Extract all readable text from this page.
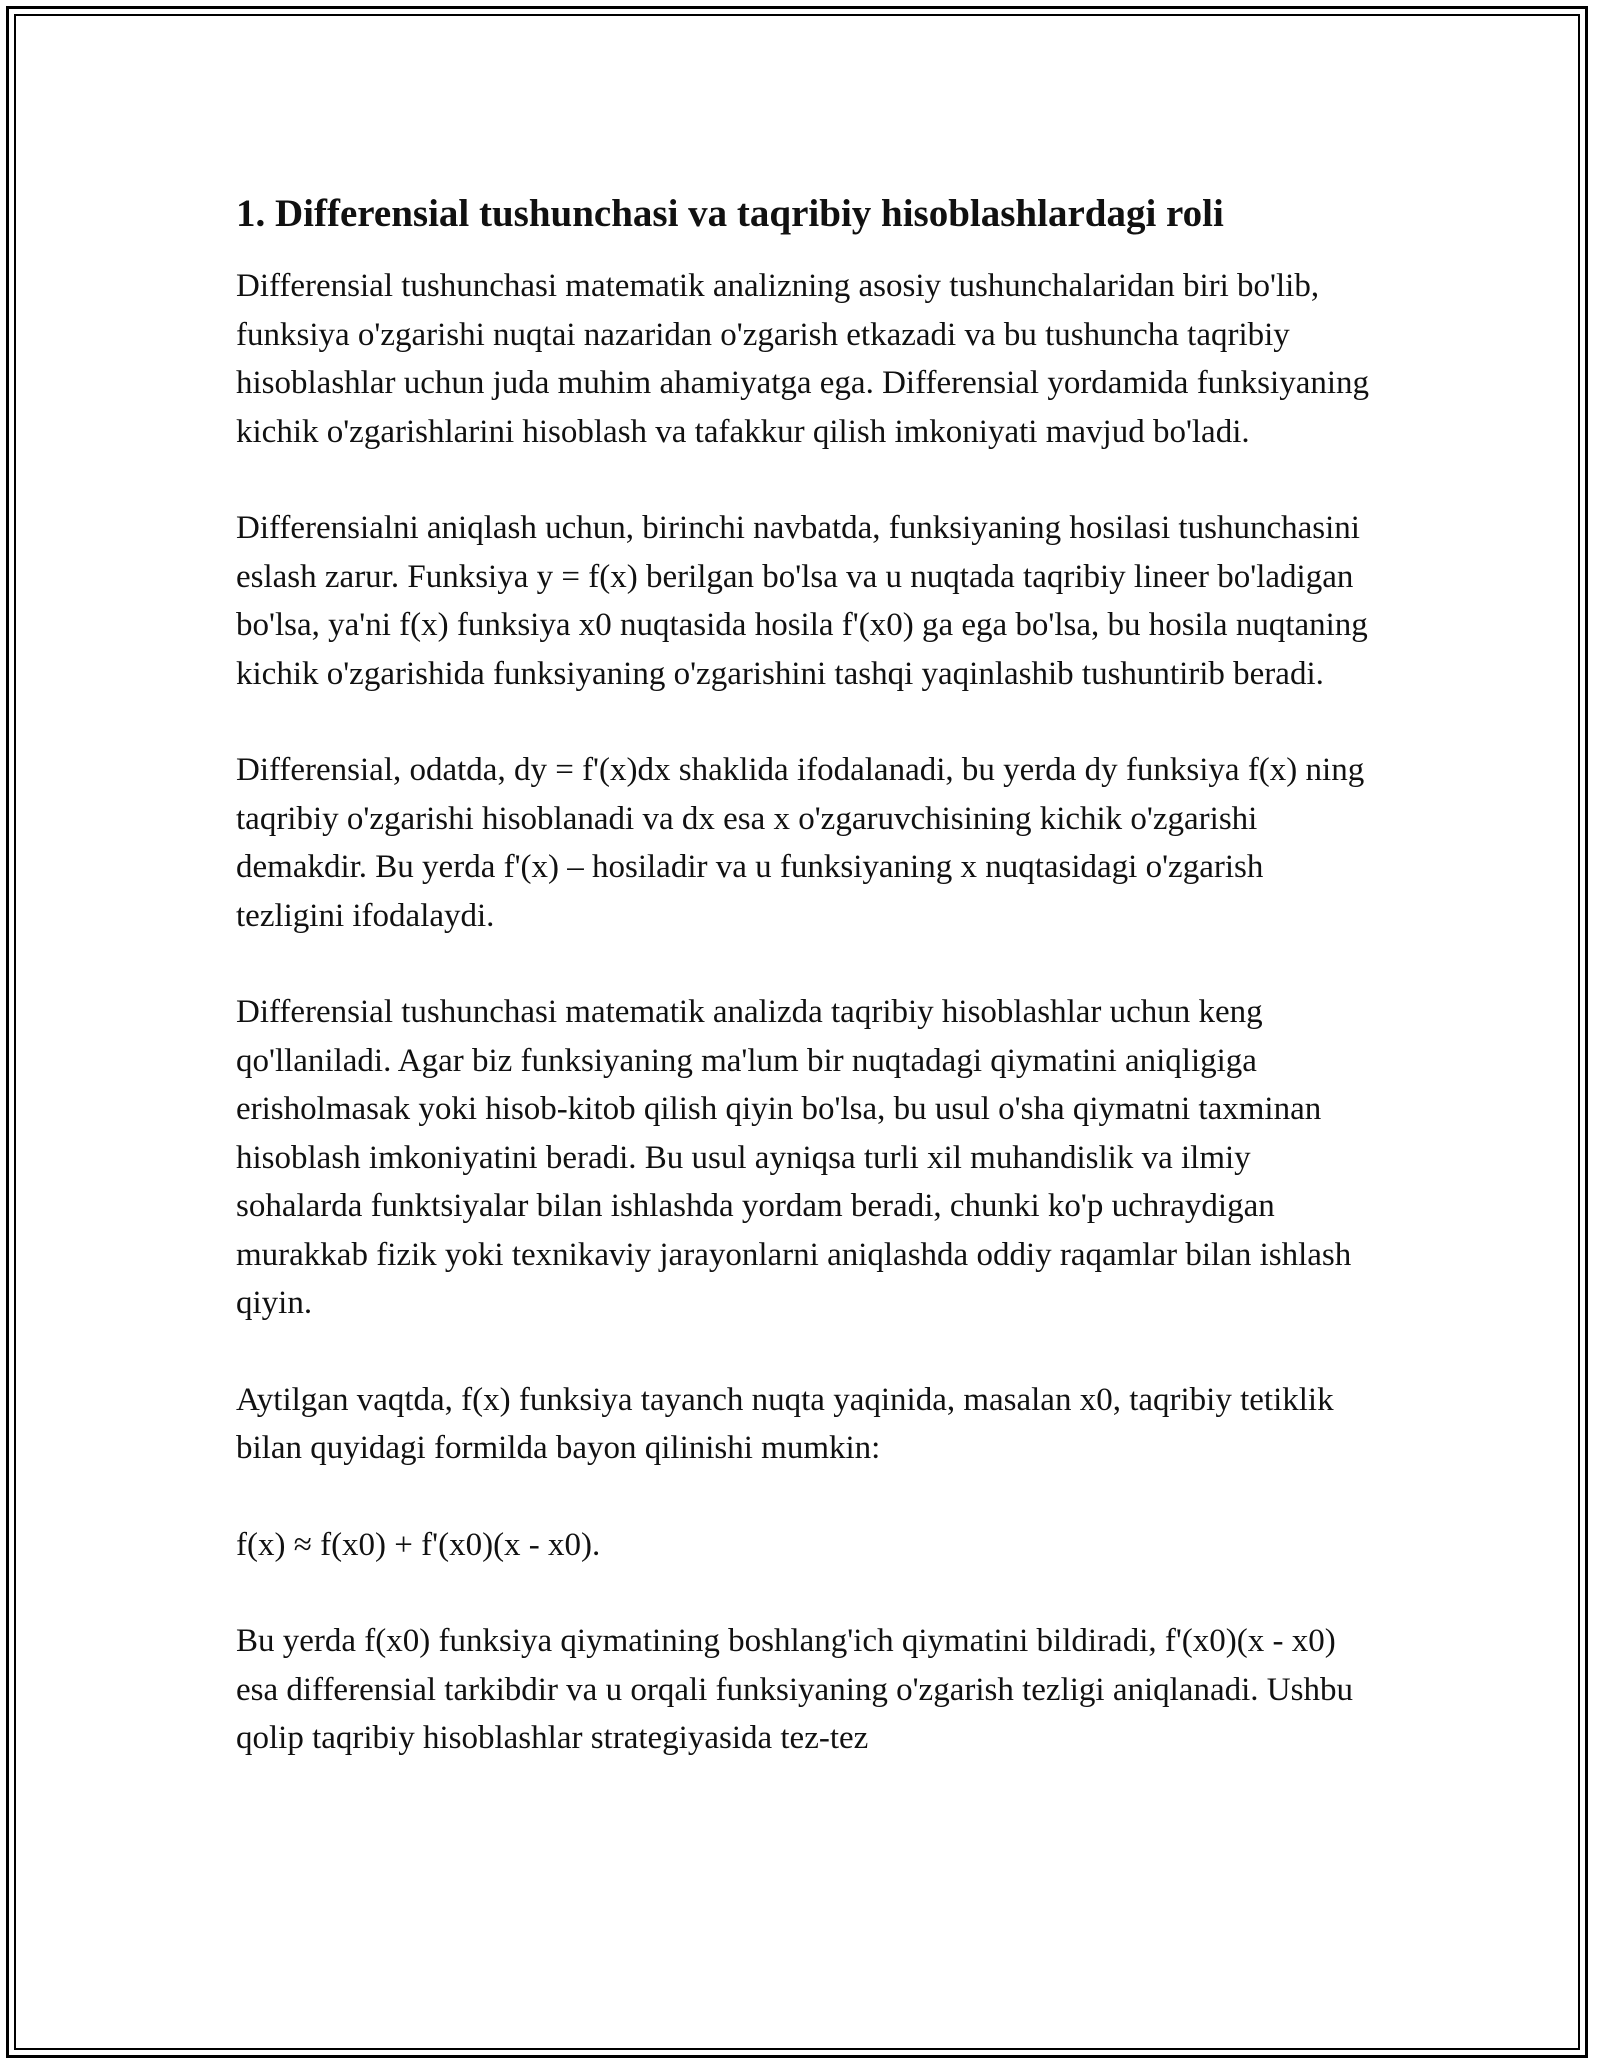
1. Differensial tushunchasi va taqribiy hisoblashlardagi roli

Differensial tushunchasi matematik analizning asosiy tushunchalaridan biri bo'lib, funksiya o'zgarishi nuqtai nazaridan o'zgarish etkazadi va bu tushuncha taqribiy hisoblashlar uchun juda muhim ahamiyatga ega. Differensial yordamida funksiyaning kichik o'zgarishlarini hisoblash va tafakkur qilish imkoniyati mavjud bo'ladi.

Differensialni aniqlash uchun, birinchi navbatda, funksiyaning hosilasi tushunchasini eslash zarur. Funksiya y = f(x) berilgan bo'lsa va u nuqtada taqribiy lineer bo'ladigan bo'lsa, ya'ni f(x) funksiya x0 nuqtasida hosila f'(x0) ga ega bo'lsa, bu hosila nuqtaning kichik o'zgarishida funksiyaning o'zgarishini tashqi yaqinlashib tushuntirib beradi.

Differensial, odatda, dy = f'(x)dx shaklida ifodalanadi, bu yerda dy funksiya f(x) ning taqribiy o'zgarishi hisoblanadi va dx esa x o'zgaruvchisining kichik o'zgarishi demakdir. Bu yerda f'(x) – hosiladir va u funksiyaning x nuqtasidagi o'zgarish tezligini ifodalaydi.

Differensial tushunchasi matematik analizda taqribiy hisoblashlar uchun keng qo'llaniladi. Agar biz funksiyaning ma'lum bir nuqtadagi qiymatini aniqligiga erisholmasak yoki hisob-kitob qilish qiyin bo'lsa, bu usul o'sha qiymatni taxminan hisoblash imkoniyatini beradi. Bu usul ayniqsa turli xil muhandislik va ilmiy sohalarda funktsiyalar bilan ishlashda yordam beradi, chunki ko'p uchraydigan murakkab fizik yoki texnikaviy jarayonlarni aniqlashda oddiy raqamlar bilan ishlash qiyin.

Aytilgan vaqtda, f(x) funksiya tayanch nuqta yaqinida, masalan x0, taqribiy tetiklik bilan quyidagi formilda bayon qilinishi mumkin:

f(x) ≈ f(x0) + f'(x0)(x - x0).

Bu yerda f(x0) funksiya qiymatining boshlang'ich qiymatini bildiradi, f'(x0)(x - x0) esa differensial tarkibdir va u orqali funksiyaning o'zgarish tezligi aniqlanadi. Ushbu qolip taqribiy hisoblashlar strategiyasida tez-tez
